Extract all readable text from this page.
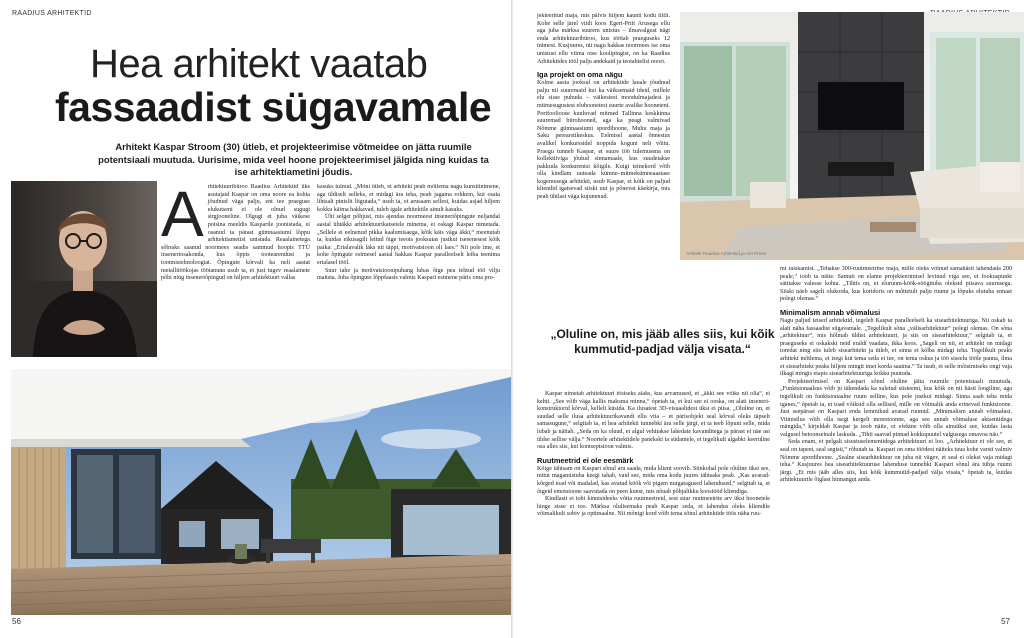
RAADIUS ARHITEKTID
Hea arhitekt vaatab
fassaadist sügavamale
Arhitekt Kaspar Stroom (30) ütleb, et projekteerimise võtmeidee on jätta ruumile potentsiaali muutuda. Uurisime, mida veel hoone projekteerimisel jälgida ning kuidas ta ise arhitektiametini jõudis.
A rhitektuuribüroo Raadius Arhitektid üks asutajaid Kaspar on oma noore ea kohta jõudnud väga palju, ent tee praeguse elukutseni ei ole olnud sugugi sirgjooneline. Olgugi et juba väikese poisina meeldis Kasparile joonistada, ei osanud ta pärast gümnaasiumi lõppu arhitektiametist unistada. Reaalainetega sõbraks saanud noormees seadis sammud hoopis TTÜ inseneriosakonda, kus õppis tootearendust ja tootmistehnoloogiat. Õpingute kõrvalt ka neli aastat metallitöökojas töötanuna usub ta, et just tugev reaalainete põhi ning inseneriõpingud on hiljem arhitektuuri vallas

kasuks tulnud. „Mõni ütleb, et arhitekt peab mõtlema nagu kunstiinimene, aga üldiselt selleks, et midagi ära teha, peab jagama rohkem, kui osata lihtsalt pintslit liigutada,“ usub ta, et arusaam sellest, kuidas asjad hiljem kokku käima hakkavad, tuleb igale arhitektile ainult kasuks.

Üht selget põhjust, mis ajendas noormeest inseneriõpingute neljandal aastal ühtäkki arhitektuurikatsetele minema, ei oskagi Kaspar nimetada. „Sellele ei eelnenud pikka kaalumisaega, kõik käis väga äkki,“ meenutab ta, kuidas eikusagilt leitud õige teeots jooksutas justkui iseeenesest kõik paika: „Erialavalik läks nii täppi, motivatsioon oli laes.“ Nii pole ime, et kohe õpingute esimesel aastal hakkas Kaspar paralleelselt leiba teenima erialasel tööl.

Suur tahe ja motivatsioonipuhang lubas õige pea tehtud töö vilju maitsta. Juba õpingute lõppfaasis valmis Kaspari esimene päris oma pro-

Arhitekt Raadius Arhitektid ja Arn Press
56

jekteeritud maja, mis pälvis hiljem kaunii kodu tiitli. Kohe selle järel viidi koos Egert-Priit Arusega ellu aga juba märksa suurem unistus – ilmavalgust nägi enda arhitektuuribüroo, kus töötab praeguseks 12 inimest. Kusjuures, nii nagu hakkas noormees ise oma unistusi ellu viima otse koolipingist, on ka Raadius Arhitektides tööl palju andekaid ja teotahtelisi noori.

Iga projekt on oma nägu

Kolme aasta jooksul on arhitektide lauale jõudnud palju nii suuremaid kui ka väiksemaid ideid, millele elu sisse puhuda – väikestest moodulmajadest ja mitmesugustest eluhoonetest suurte avalike hooneteni. Portfoolioose kuuluvad mitmed Tallinna keskkinna suuremad bürohooned, aga ka peagi valmivad Nõmme gümnaasiumi spordihoone, Muhu maja ja Saku perearstikeskus. Eelmisel aastal õnnestus avalikel konkurssidel noppida koguni neli võitu. Praegu tunneb Kaspar, et suure töö tulemusena on kollektiiviga jõutud sinnamaale, kus suudetakse pakkuda konkurentsi kõigile. Kuigi teinekord võib olla kindlam uuteada kümne–mitmekümneaastase kogemusega arhitekti, usub Kaspar, et kõik on paljud kliendid igatsevad siiski uut ja põnevat käekirja, mis peab ühtlasi väga kujunenud.

Arhitekt Raadius Arhitektid ja Arn Press
„Oluline on, mis jääb alles siis, kui kõik kummutid-padjad välja visata.“

Kaspar nimetab arhitektuuri tõsiseks alaks, kus arvamused, et „äkki see võiks nii olla“, ei kehti. „See võib väga kallis maksma minna,“ ópetab ta, et kui see ei ooska, on alati inseneri-konstruktorid kõrval, kellelt küsida. Ka ilusatest 3D-visuaalidest üksi ei piisa. „Oluline on, et suudad selle ilusa arhitektuurikavandi ellu viia – et pärisobjekt seal kõrval oleks täpselt samasugune,“ selgitab ta, et hea arhitekti tunnebki ära selle järgi, et ta teeb lõpuni selle, mida lubab ja näitab. „Seda on ka oluud, et algul vehitakse lahedate kavanditega ja pärast ei näe asi üldse sellise välja.“ Noortele arhitektidele panekski ta südamele, et tegelikult algabki keeruline osa alles siis, kui kontseptsioon valmis.

Ruutmeetrid ei ole eesmärk

Kõige tähtsam on Kaspari sõnul aru saada, mida klient soovib. Siinkohal pole oluline üksi see, mitut magamistuba keegi tahab, vaid see, mida oma kodu juures tähtsaks peab. „Kas avarad-kõrged toad või madalad, kas avatud köök või pigem nurgatagused lahendused,“ selgitab ta, et õigeid emotsioone saavutada on peen kunst, mis nõuab põhjalikku koostööd kliendiga.

Kindlasti ei tohi kinnisideeks võtta ruutmeetreid, sest suur ruutmeetrite arv üksi hoonetele hinge sisse ei too. Märksa olulisemaks peab Kaspar seda, et lahendus oleks kliendile võimalikult sobiv ja optimaalne. Nii mõnigi kord võib tema sõnul arhitektide töös näha ruu-

mi raiskamist. „Tehakse 300-ruutmeetrine maja, mille oleks võinud samahästi lahendada 200 peale,“ toob ta näite. Samuti on elamu projekteerimisel levinud viga see, et fookuspunkt sätitakse valesse kohta. „Tihtis on, et eluruum-köök-söögituba oleksid piisava suurusega. Siiski näeb sageli olukorda, kus koridoris on mõttetult palju ruumi ja lõpuks elutuba ennast polegi olemas.“

Minimalism annab võimalusi

Nagu paljud teised arhitektid, tegeleb Kaspar paralleelselt ka sisearhitektuuriga. Nii oskab ta alati näha fassaadist sügavamale. „Tegelikult sõna „välisarhitektuur“ polegi olemas. On sõna „arhitektuur“, mis hõlmab üldist arhitektuuri, ja siis on sisearhitektuur,“ selgitab ta, et praeguseks ei oskakski neid eraldi vaadata, ikka koos. „Sageli on nii, et arhitekt on midagi toredat ning siis tuleb sisearhitekt ja ütleb, et sinna ei kõlba midagi teha. Tegelikult peaks arhitekt mõtlema, et isegi kui tema seda ei tee, on tema oskus ja töö siseelu tööle panna, ilma et sisearhitekt peaks hiljem mingit imet korda saatma.“ Ta usub, et selle mõistmiseks ongi vaja ilkagi mingis etapis sisearhitektuuriga kokku puutuda.

Projekteerimisel on Kaspari sõnul oluline jätta ruumile potentsiaali muutuda. „Funktsionaalsus võib ju tähendada ka suletud süsteemi, kus kõik on nii hästi loogiline, aga tegelikult on funktsionaalne ruum selline, kus pole justkui midagi. Sinna saab teha mida iganes,“ õpetab ta, et toad võiksid olla sellised, mille on võimalik anda erinevad funktsioone. Just seepärast on Kaspari enda lemmikud avarad ruumid. „Minimalism annab võimalusi. Viimistlus võib olla isegi kergelt monotoonne, aga see annab võimaluse aktsentidega mängida,“ kirjeldab Kaspar ja toob näite, et efektne võib olla ainuüksi see, kuidas lasta valgusel betoonseinale laskuda. „Tihti saavad pinnad kokkupuutel valgusega omavoa näo.“

Seda enam, et pelgalt sisustuselementidega arhitektuuri ei loo. „Arhitektuur ei ole see, et seal on tapeet, seal segisti,“ rõhutab ta. Kaspari on oma töödest näiteks tuua kohe varsti valmiv Nõmme spordihoone. „Sealne sisearhitektuur on juba nii vägev, et seal ei oleksi vaja midagi teha.“ Kusjuures hea sisearhitektuuruse lahenduse tunnebki Kaspari sõnul ära tühja ruumi järgi. „Et mis jääb alles siis, kui kõik kummutid-padjad välja visata,“ õpetab ta, kuidas arhitektuurile õiglast hinnangut anda.

57
